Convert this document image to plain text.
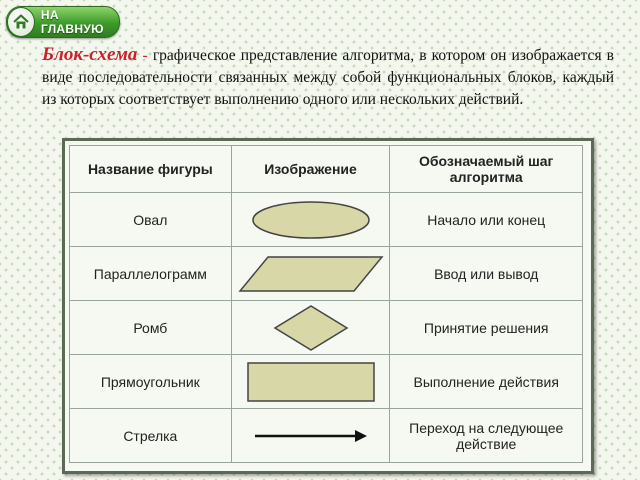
НА ГЛАВНУЮ
Блок-схема - графическое представление алгоритма, в котором он изображается в виде последовательности связанных между собой функциональных блоков, каждый из которых соответствует выполнению одного или нескольких действий.
Название фигуры	Изображение	Обозначаемый шаг алгоритма
Овал		Начало или конец
Параллелограмм		Ввод или вывод
Ромб		Принятие решения
Прямоугольник		Выполнение действия
Стрелка		Переход на следующее действие
